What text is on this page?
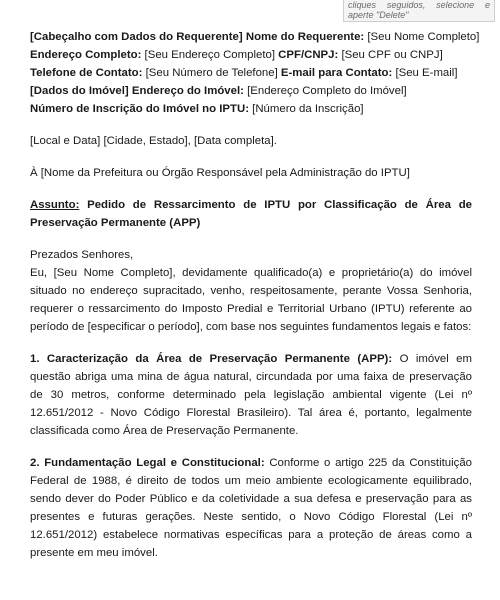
cliques seguidos, selecione e aperte "Delete"
[Cabeçalho com Dados do Requerente] Nome do Requerente: [Seu Nome Completo]
Endereço Completo: [Seu Endereço Completo] CPF/CNPJ: [Seu CPF ou CNPJ]
Telefone de Contato: [Seu Número de Telefone] E-mail para Contato: [Seu E-mail]
[Dados do Imóvel] Endereço do Imóvel: [Endereço Completo do Imóvel]
Número de Inscrição do Imóvel no IPTU: [Número da Inscrição]
[Local e Data] [Cidade, Estado], [Data completa].
À [Nome da Prefeitura ou Órgão Responsável pela Administração do IPTU]
Assunto: Pedido de Ressarcimento de IPTU por Classificação de Área de Preservação Permanente (APP)
Prezados Senhores,
Eu, [Seu Nome Completo], devidamente qualificado(a) e proprietário(a) do imóvel situado no endereço supracitado, venho, respeitosamente, perante Vossa Senhoria, requerer o ressarcimento do Imposto Predial e Territorial Urbano (IPTU) referente ao período de [especificar o período], com base nos seguintes fundamentos legais e fatos:
1. Caracterização da Área de Preservação Permanente (APP): O imóvel em questão abriga uma mina de água natural, circundada por uma faixa de preservação de 30 metros, conforme determinado pela legislação ambiental vigente (Lei nº 12.651/2012 - Novo Código Florestal Brasileiro). Tal área é, portanto, legalmente classificada como Área de Preservação Permanente.
2. Fundamentação Legal e Constitucional: Conforme o artigo 225 da Constituição Federal de 1988, é direito de todos um meio ambiente ecologicamente equilibrado, sendo dever do Poder Público e da coletividade a sua defesa e preservação para as presentes e futuras gerações. Neste sentido, o Novo Código Florestal (Lei nº 12.651/2012) estabelece normativas específicas para a proteção de áreas como a presente em meu imóvel.
